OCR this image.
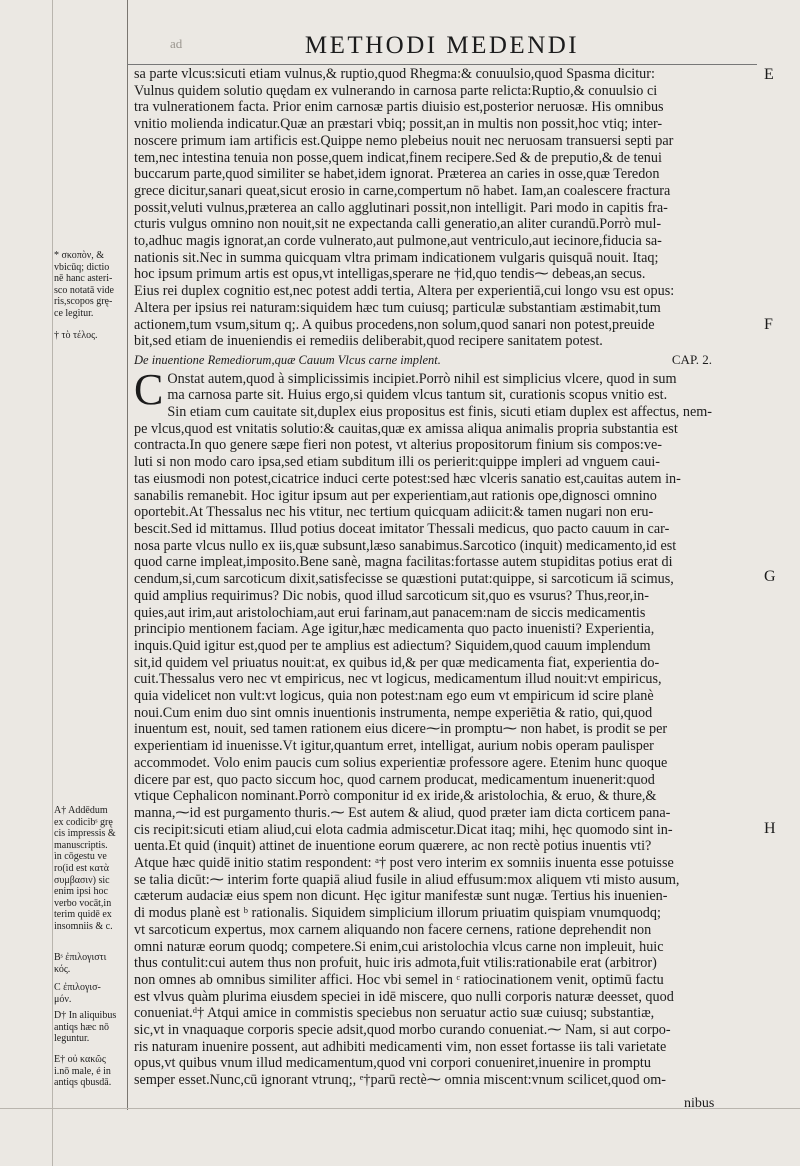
METHODI MEDENDI
ad
E
F
G
H
sa parte vlcus:sicuti etiam vulnus,& ruptio,quod Rhegma:& conuulsio,quod Spasma dicitur:
Vulnus quidem solutio quędam ex vulnerando in carnosa parte relicta:Ruptio,& conuulsio ci
tra vulnerationem facta. Prior enim carnosæ partis diuisio est,posterior neruosæ. His omnibus
vnitio molienda indicatur.Quæ an præstari vbiq; possit,an in multis non possit,hoc vtiq; inter-
noscere primum iam artificis est.Quippe nemo plebeius nouit nec neruosam transuersi septi par
tem,nec intestina tenuia non posse,quem indicat,finem recipere.Sed & de preputio,& de tenui
buccarum parte,quod similiter se habet,idem ignorat. Præterea an caries in osse,quæ Teredon
grece dicitur,sanari queat,sicut erosio in carne,compertum nō habet. Iam,an coalescere fractura
possit,veluti vulnus,præterea an callo agglutinari possit,non intelligit. Pari modo in capitis fra-
cturis vulgus omnino non nouit,sit ne expectanda calli generatio,an aliter curandū.Porrò mul-
to,adhuc magis ignorat,an corde vulnerato,aut pulmone,aut ventriculo,aut iecinore,fiducia sa-
nationis sit.Nec in summa quicquam vltra primam indicationem vulgaris quisquā nouit. Itaq;
hoc ipsum primum artis est opus,vt intelligas,sperare ne †id,quo tendis⁓ debeas,an secus.
Eius rei duplex cognitio est,nec potest addi tertia, Altera per experientiā,cui longo vsu est opus:
Altera per ipsius rei naturam:siquidem hæc tum cuiusq; particulæ substantiam æstimabit,tum
actionem,tum vsum,situm q;. A quibus procedens,non solum,quod sanari non potest,preuide
bit,sed etiam de inueniendis ei remediis deliberabit,quod recipere sanitatem potest.
De inuentione Remediorum,quæ Cauum Vlcus carne implent.	CAP. 2.
C Onstat autem,quod à simplicissimis incipiet.Porrò nihil est simplicius vlcere, quod in sum
ma carnosa parte sit. Huius ergo,si quidem vlcus tantum sit, curationis scopus vnitio est.
Sin etiam cum cauitate sit,duplex eius propositus est finis, sicuti etiam duplex est affectus, nem-
pe vlcus,quod est vnitatis solutio:& cauitas,quæ ex amissa aliqua animalis propria substantia est
contracta.In quo genere sæpe fieri non potest, vt alterius propositorum finium sis compos:ve-
luti si non modo caro ipsa,sed etiam subditum illi os perierit:quippe impleri ad vnguem caui-
tas eiusmodi non potest,cicatrice induci certe potest:sed hæc vlceris sanatio est,cauitas autem in-
sanabilis remanebit. Hoc igitur ipsum aut per experientiam,aut rationis ope,dignosci omnino
oportebit.At Thessalus nec his vtitur, nec tertium quicquam adiicit:& tamen nugari non eru-
bescit.Sed id mittamus. Illud potius doceat imitator Thessali medicus, quo pacto cauum in car-
nosa parte vlcus nullo ex iis,quæ subsunt,læso sanabimus.Sarcotico (inquit) medicamento,id est
quod carne impleat,imposito.Bene sanè, magna facilitas:fortasse autem stupiditas potius erat di
cendum,si,cum sarcoticum dixit,satisfecisse se quæstioni putat:quippe, si sarcoticum iā scimus,
quid amplius requirimus? Dic nobis, quod illud sarcoticum sit,quo es vsurus? Thus,reor,in-
quies,aut irim,aut aristolochiam,aut erui farinam,aut panacem:nam de siccis medicamentis
principio mentionem faciam. Age igitur,hæc medicamenta quo pacto inuenisti? Experientia,
inquis.Quid igitur est,quod per te amplius est adiectum? Siquidem,quod cauum implendum
sit,id quidem vel priuatus nouit:at, ex quibus id,& per quæ medicamenta fiat, experientia do-
cuit.Thessalus vero nec vt empiricus, nec vt logicus, medicamentum illud nouit:vt empiricus,
quia videlicet non vult:vt logicus, quia non potest:nam ego eum vt empiricum id scire planè
noui.Cum enim duo sint omnis inuentionis instrumenta, nempe experiētia & ratio, qui,quod
inuentum est, nouit, sed tamen rationem eius dicere⁓in promptu⁓ non habet, is prodit se per
experientiam id inuenisse.Vt igitur,quantum erret, intelligat, aurium nobis operam paulisper
accommodet. Volo enim paucis cum solius experientiæ professore agere. Etenim hunc quoque
dicere par est, quo pacto siccum hoc, quod carnem producat, medicamentum inuenerit:quod
vtique Cephalicon nominant.Porrò componitur id ex iride,& aristolochia, & eruo, & thure,&
manna,⁓id est purgamento thuris.⁓ Est autem & aliud, quod præter iam dicta corticem pana-
cis recipit:sicuti etiam aliud,cui elota cadmia admiscetur.Dicat itaq; mihi, hęc quomodo sint in-
uenta.Et quid (inquit) attinet de inuentione eorum quærere, ac non rectè potius inuentis vti?
Atque hæc quidē initio statim respondent: ᵃ† post vero interim ex somniis inuenta esse potuisse
se talia dicūt:⁓ interim forte quapiā aliud fusile in aliud effusum:mox aliquem vti misto ausum,
cæterum audaciæ eius spem non dicunt. Hęc igitur manifestæ sunt nugæ. Tertius his inuenien-
di modus planè est ᵇ rationalis. Siquidem simplicium illorum priuatim quispiam vnumquodq;
vt sarcoticum expertus, mox carnem aliquando non facere cernens, ratione deprehendit non
omni naturæ eorum quodq; competere.Si enim,cui aristolochia vlcus carne non impleuit, huic
thus contulit:cui autem thus non profuit, huic iris admota,fuit vtilis:rationabile erat (arbitror)
non omnes ab omnibus similiter affici. Hoc vbi semel in ᶜ ratiocinationem venit, optimū factu
est vlvus quàm plurima eiusdem speciei in idē miscere, quo nulli corporis naturæ deesset, quod
conueniat.ᵈ† Atqui amice in commistis speciebus non seruatur actio suæ cuiusq; substantiæ,
sic,vt in vnaquaque corporis specie adsit,quod morbo curando conueniat.⁓ Nam, si aut corpo-
ris naturam inuenire possent, aut adhibiti medicamenti vim, non esset fortasse iis tali varietate
opus,vt quibus vnum illud medicamentum,quod vni corpori conueniret,inuenire in promptu
semper esset.Nunc,cū ignorant vtrunq;, ᵉ†parū rectè⁓ omnia miscent:vnum scilicet,quod om-
* σκοπὸν, &
vbicūq; dictio
nē hanc asteri-
sco notatā vide
ris,scopos grę-
ce legitur.
† τὸ τέλος.
A† Addēdum
ex codicibˢ grę
cis impressis &
manuscriptis.
ìn cōgestu ve
ro(id est κατὰ
συμβασιν) sic
enim ipsi hoc
verbo vocāt,in
terim quidē ex
insomniis & c.
Bˢ ἐπιλογιστι
κός.
C ἐπιλογισ-
μόν.
D† In aliquibus
antiqs hæc nō
leguntur.
E† οὐ κακῶς
i.nō male, é in
antiqs qbusdā.
nibus
